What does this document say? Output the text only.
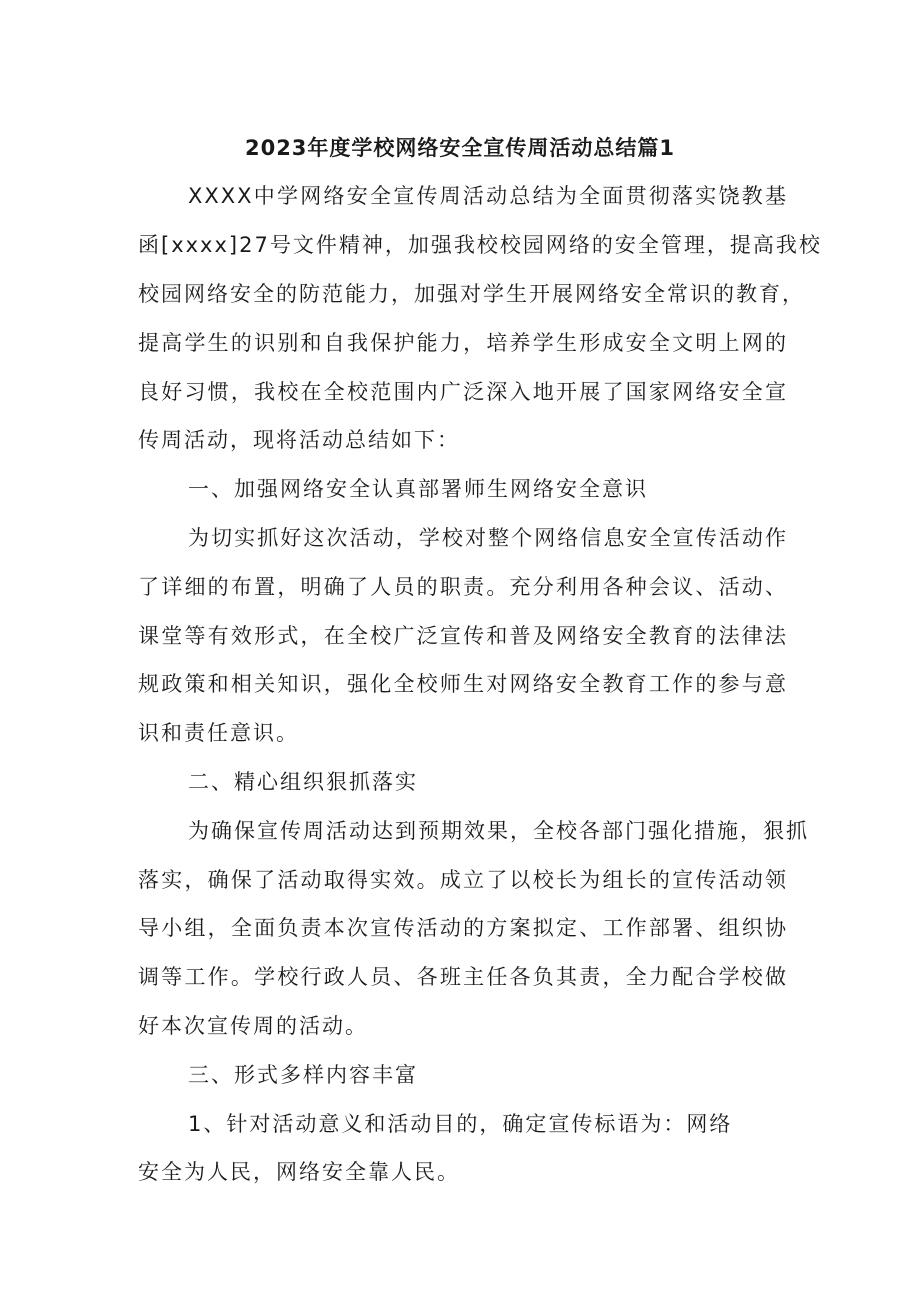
2023年度学校网络安全宣传周活动总结篇1
XXXX中学网络安全宣传周活动总结为全面贯彻落实饶教基
函[xxxx]27号文件精神，加强我校校园网络的安全管理，提高我校
校园网络安全的防范能力，加强对学生开展网络安全常识的教育，
提高学生的识别和自我保护能力，培养学生形成安全文明上网的
良好习惯，我校在全校范围内广泛深入地开展了国家网络安全宣
传周活动，现将活动总结如下：
一、加强网络安全认真部署师生网络安全意识
为切实抓好这次活动，学校对整个网络信息安全宣传活动作
了详细的布置，明确了人员的职责。充分利用各种会议、活动、
课堂等有效形式，在全校广泛宣传和普及网络安全教育的法律法
规政策和相关知识，强化全校师生对网络安全教育工作的参与意
识和责任意识。
二、精心组织狠抓落实
为确保宣传周活动达到预期效果，全校各部门强化措施，狠抓
落实，确保了活动取得实效。成立了以校长为组长的宣传活动领
导小组，全面负责本次宣传活动的方案拟定、工作部署、组织协
调等工作。学校行政人员、各班主任各负其责，全力配合学校做
好本次宣传周的活动。
三、形式多样内容丰富
1、针对活动意义和活动目的，确定宣传标语为：网络
安全为人民，网络安全靠人民。
